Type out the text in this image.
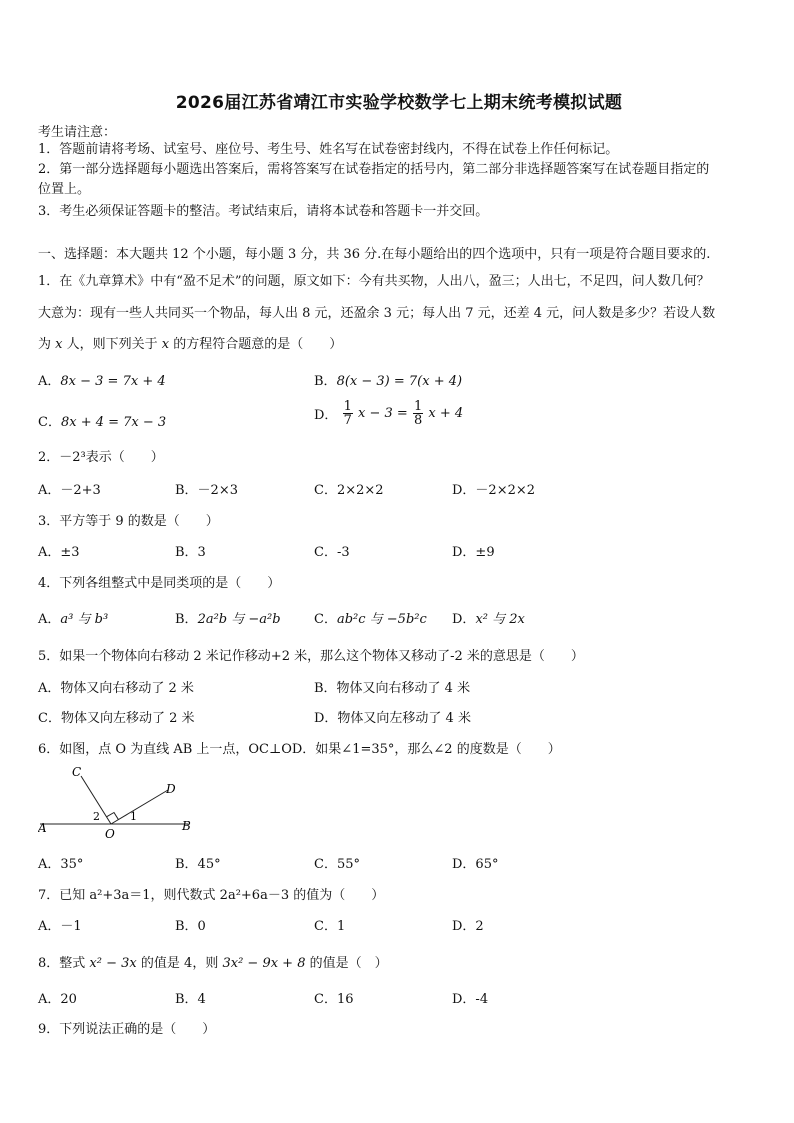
2026届江苏省靖江市实验学校数学七上期末统考模拟试题
考生请注意：
1．答题前请将考场、试室号、座位号、考生号、姓名写在试卷密封线内，不得在试卷上作任何标记。
2．第一部分选择题每小题选出答案后，需将答案写在试卷指定的括号内，第二部分非选择题答案写在试卷题目指定的
位置上。
3．考生必须保证答题卡的整洁。考试结束后，请将本试卷和答题卡一并交回。
一、选择题：本大题共 12 个小题，每小题 3 分，共 36 分.在每小题给出的四个选项中，只有一项是符合题目要求的.
1．在《九章算术》中有“盈不足术”的问题，原文如下：今有共买物，人出八，盈三；人出七，不足四，问人数几何？
大意为：现有一些人共同买一个物品，每人出 8 元，还盈余 3 元；每人出 7 元，还差 4 元，问人数是多少？若设人数
为 x 人，则下列关于 x 的方程符合题意的是（　　）
A．8x − 3 = 7x + 4	B．8(x − 3) = 7(x + 4)
C．8x + 4 = 7x − 3	D． $\frac{1}{7}$ $x - 3 = \frac{1}{8}$ x + 4
2．－2³表示（　　）
A．－2+3	B．－2×3	C．2×2×2	D．－2×2×2
3．平方等于 9 的数是（　　）
A．±3	B．3	C．-3	D．±9
4．下列各组整式中是同类项的是（　　）
A．a³ 与 b³	B．2a²b 与 −a²b	C．ab²c 与 −5b²c D．x² 与 2x
5．如果一个物体向右移动 2 米记作移动+2 米，那么这个物体又移动了-2 米的意思是（　　）
A．物体又向右移动了 2 米	B．物体又向右移动了 4 米
C．物体又向左移动了 2 米	D．物体又向左移动了 4 米
6．如图，点 O 为直线 AB 上一点，OC⊥OD．如果∠1=35°，那么∠2 的度数是（　　）
A	B
C
D
O
2	1
A．35°	B．45°	C．55°	D．65°
7．已知 a²+3a＝1，则代数式 2a²+6a－3 的值为（　　）
A．－1	B．0	C．1	D．2
8．整式 x² − 3x 的值是 4，则 3x² − 9x + 8 的值是（　）
A．20	B．4	C．16	D．-4
9．下列说法正确的是（　　）
